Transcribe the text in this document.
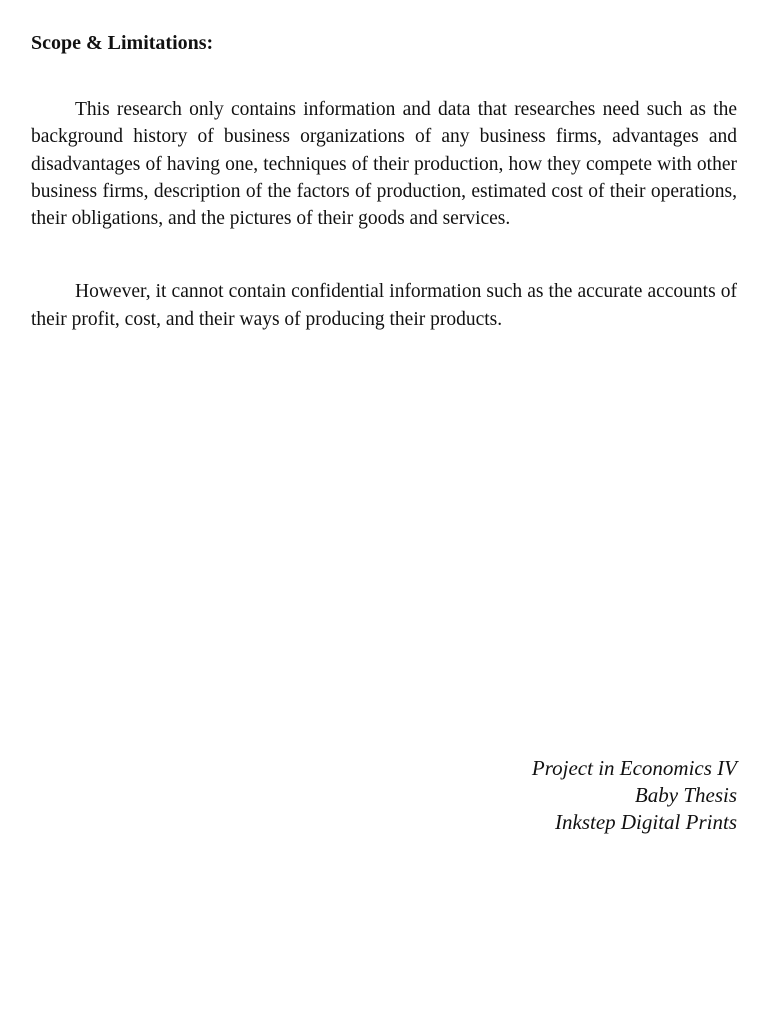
Scope & Limitations:

This research only contains information and data that researches need such as the background history of business organizations of any business firms, advantages and disadvantages of having one, techniques of their production, how they compete with other business firms, description of the factors of production, estimated cost of their operations, their obligations, and the pictures of their goods and services.

However, it cannot contain confidential information such as the accurate accounts of their profit, cost, and their ways of producing their products.

Project in Economics IV
Baby Thesis
Inkstep Digital Prints
